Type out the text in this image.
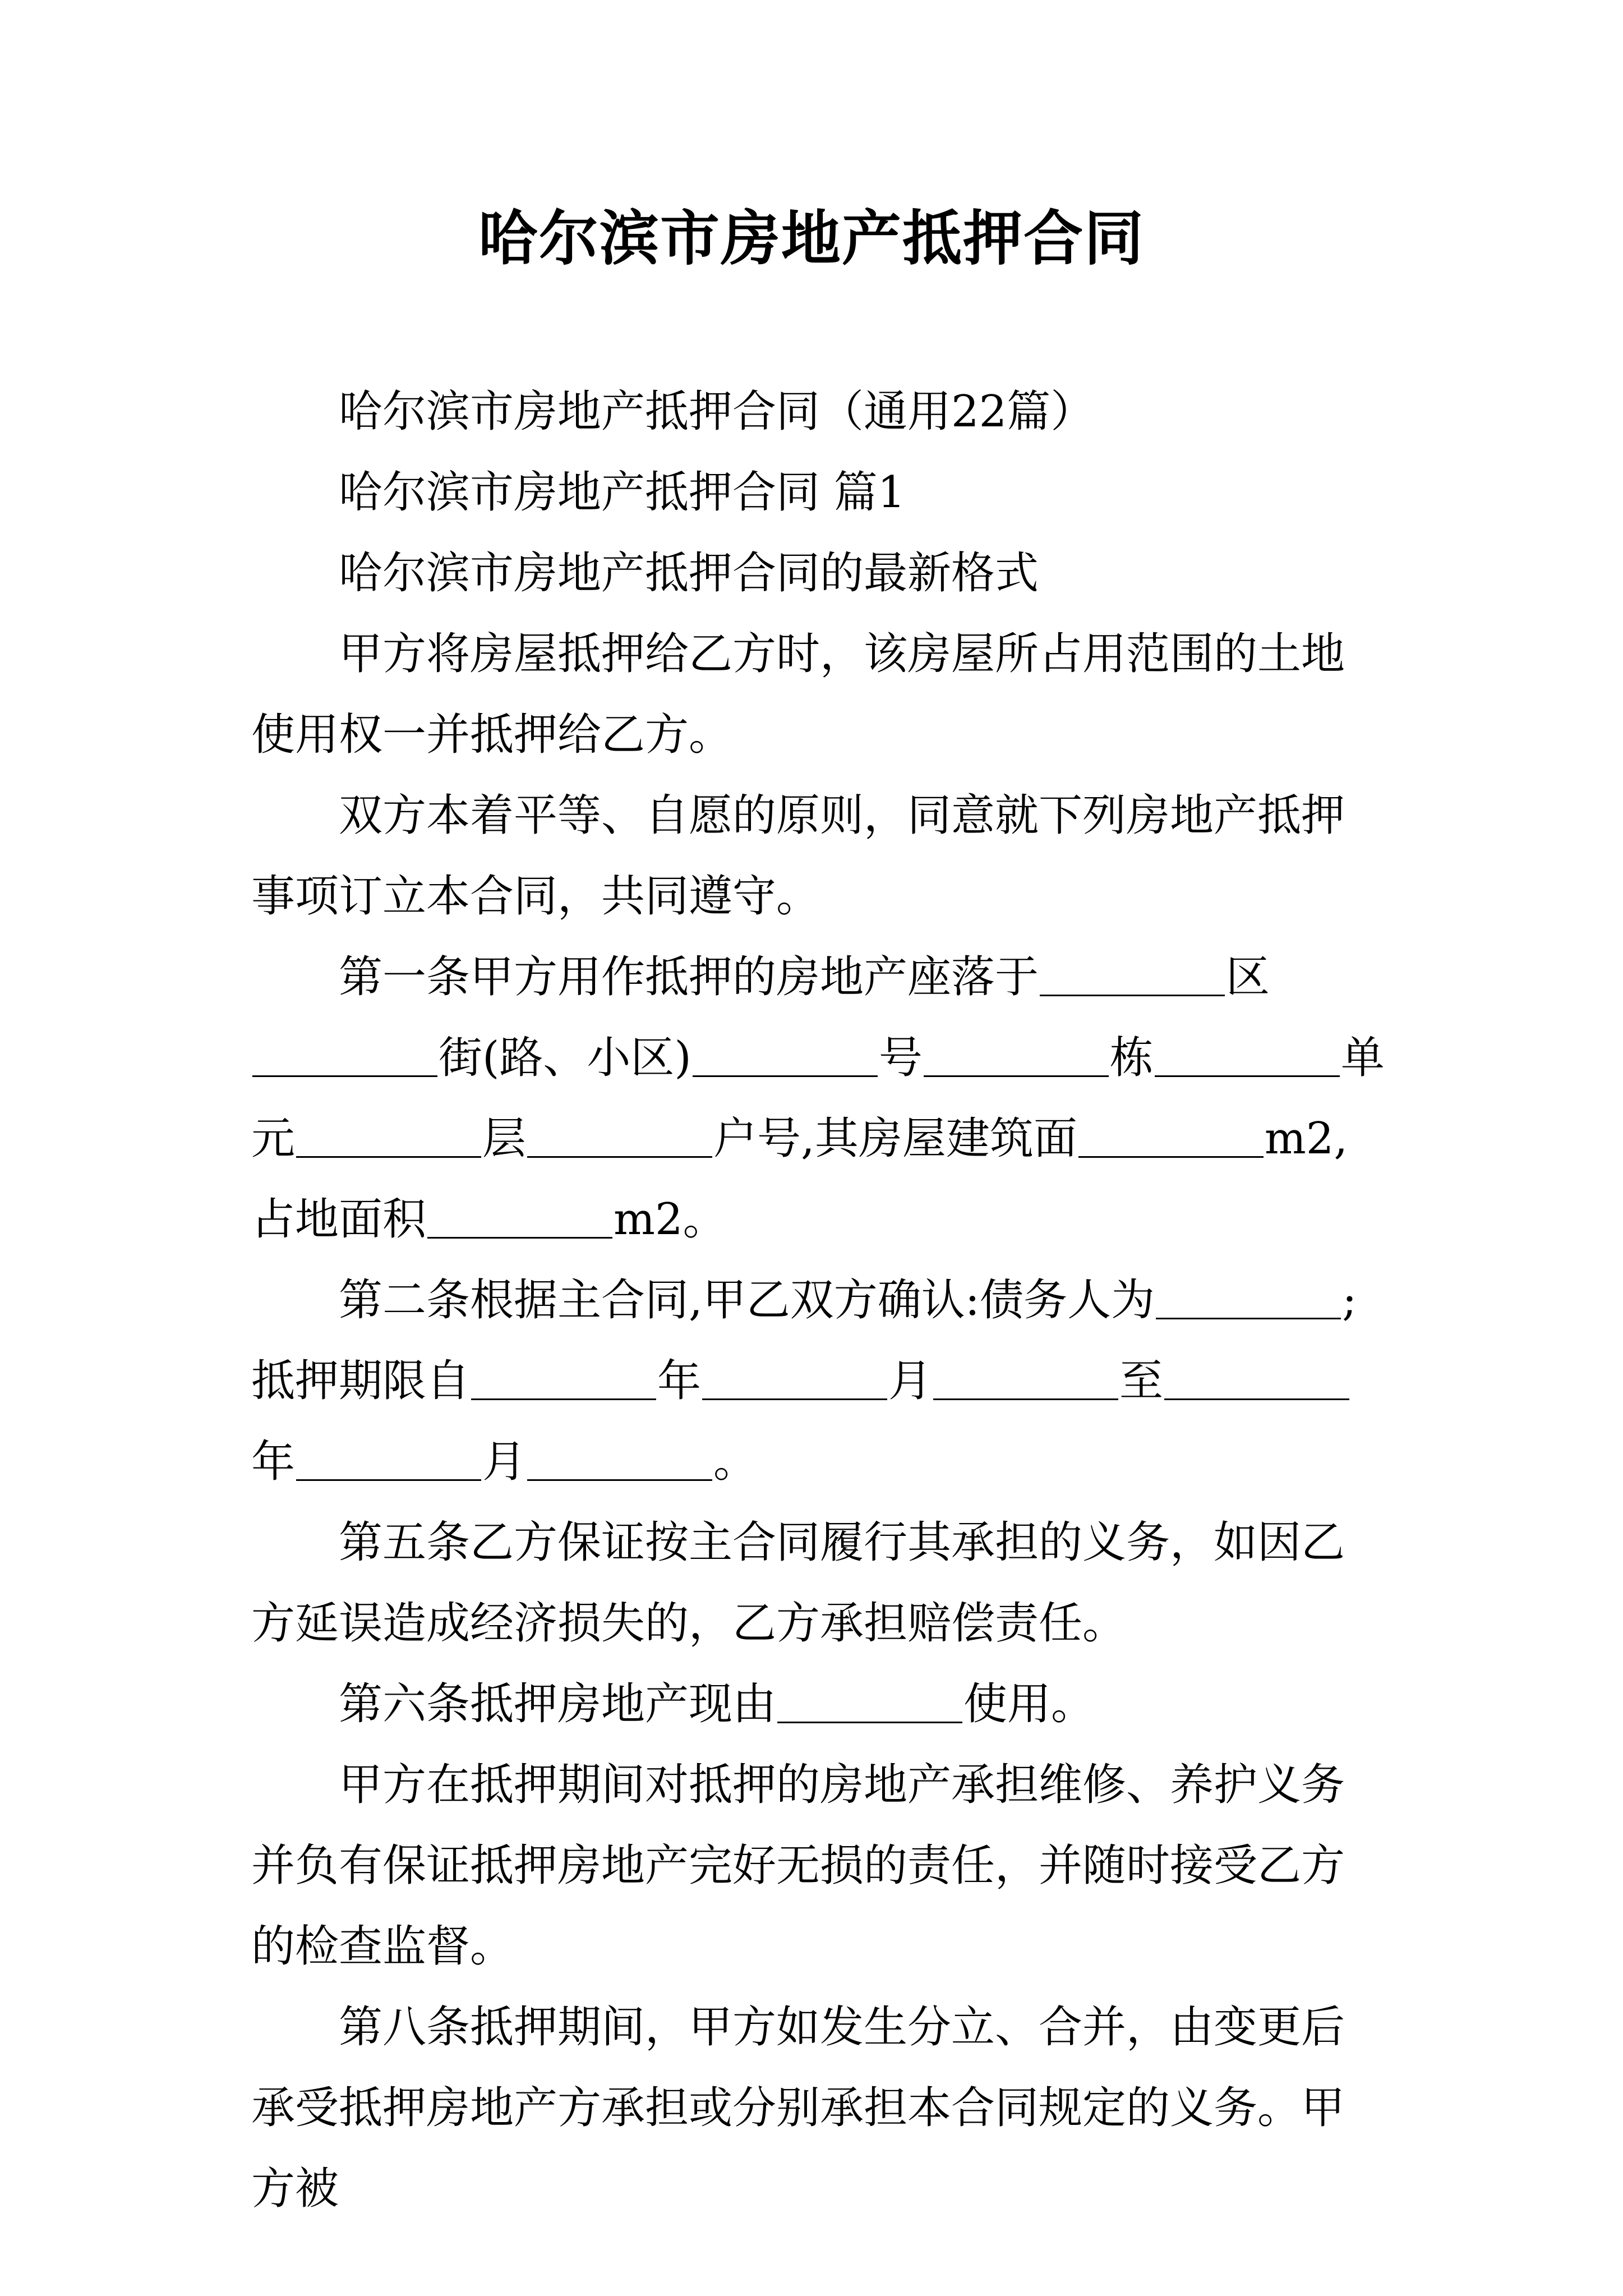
哈尔滨市房地产抵押合同

哈尔滨市房地产抵押合同（通用22篇）

哈尔滨市房地产抵押合同 篇1

哈尔滨市房地产抵押合同的最新格式

甲方将房屋抵押给乙方时，该房屋所占用范围的土地使用权一并抵押给乙方。

双方本着平等、自愿的原则，同意就下列房地产抵押事项订立本合同，共同遵守。

第一条甲方用作抵押的房地产座落于	区街(路、小区)	号	栋	单元	层	户号,其房屋建筑面	m2,占地面积	m2。

第二条根据主合同,甲乙双方确认:债务人为	;抵押期限自	年	月	至年	月	。

第五条乙方保证按主合同履行其承担的义务，如因乙方延误造成经济损失的，乙方承担赔偿责任。

第六条抵押房地产现由	使用。

甲方在抵押期间对抵押的房地产承担维修、养护义务并负有保证抵押房地产完好无损的责任，并随时接受乙方的检查监督。

第八条抵押期间，甲方如发生分立、合并，由变更后承受抵押房地产方承担或分别承担本合同规定的义务。甲方被
